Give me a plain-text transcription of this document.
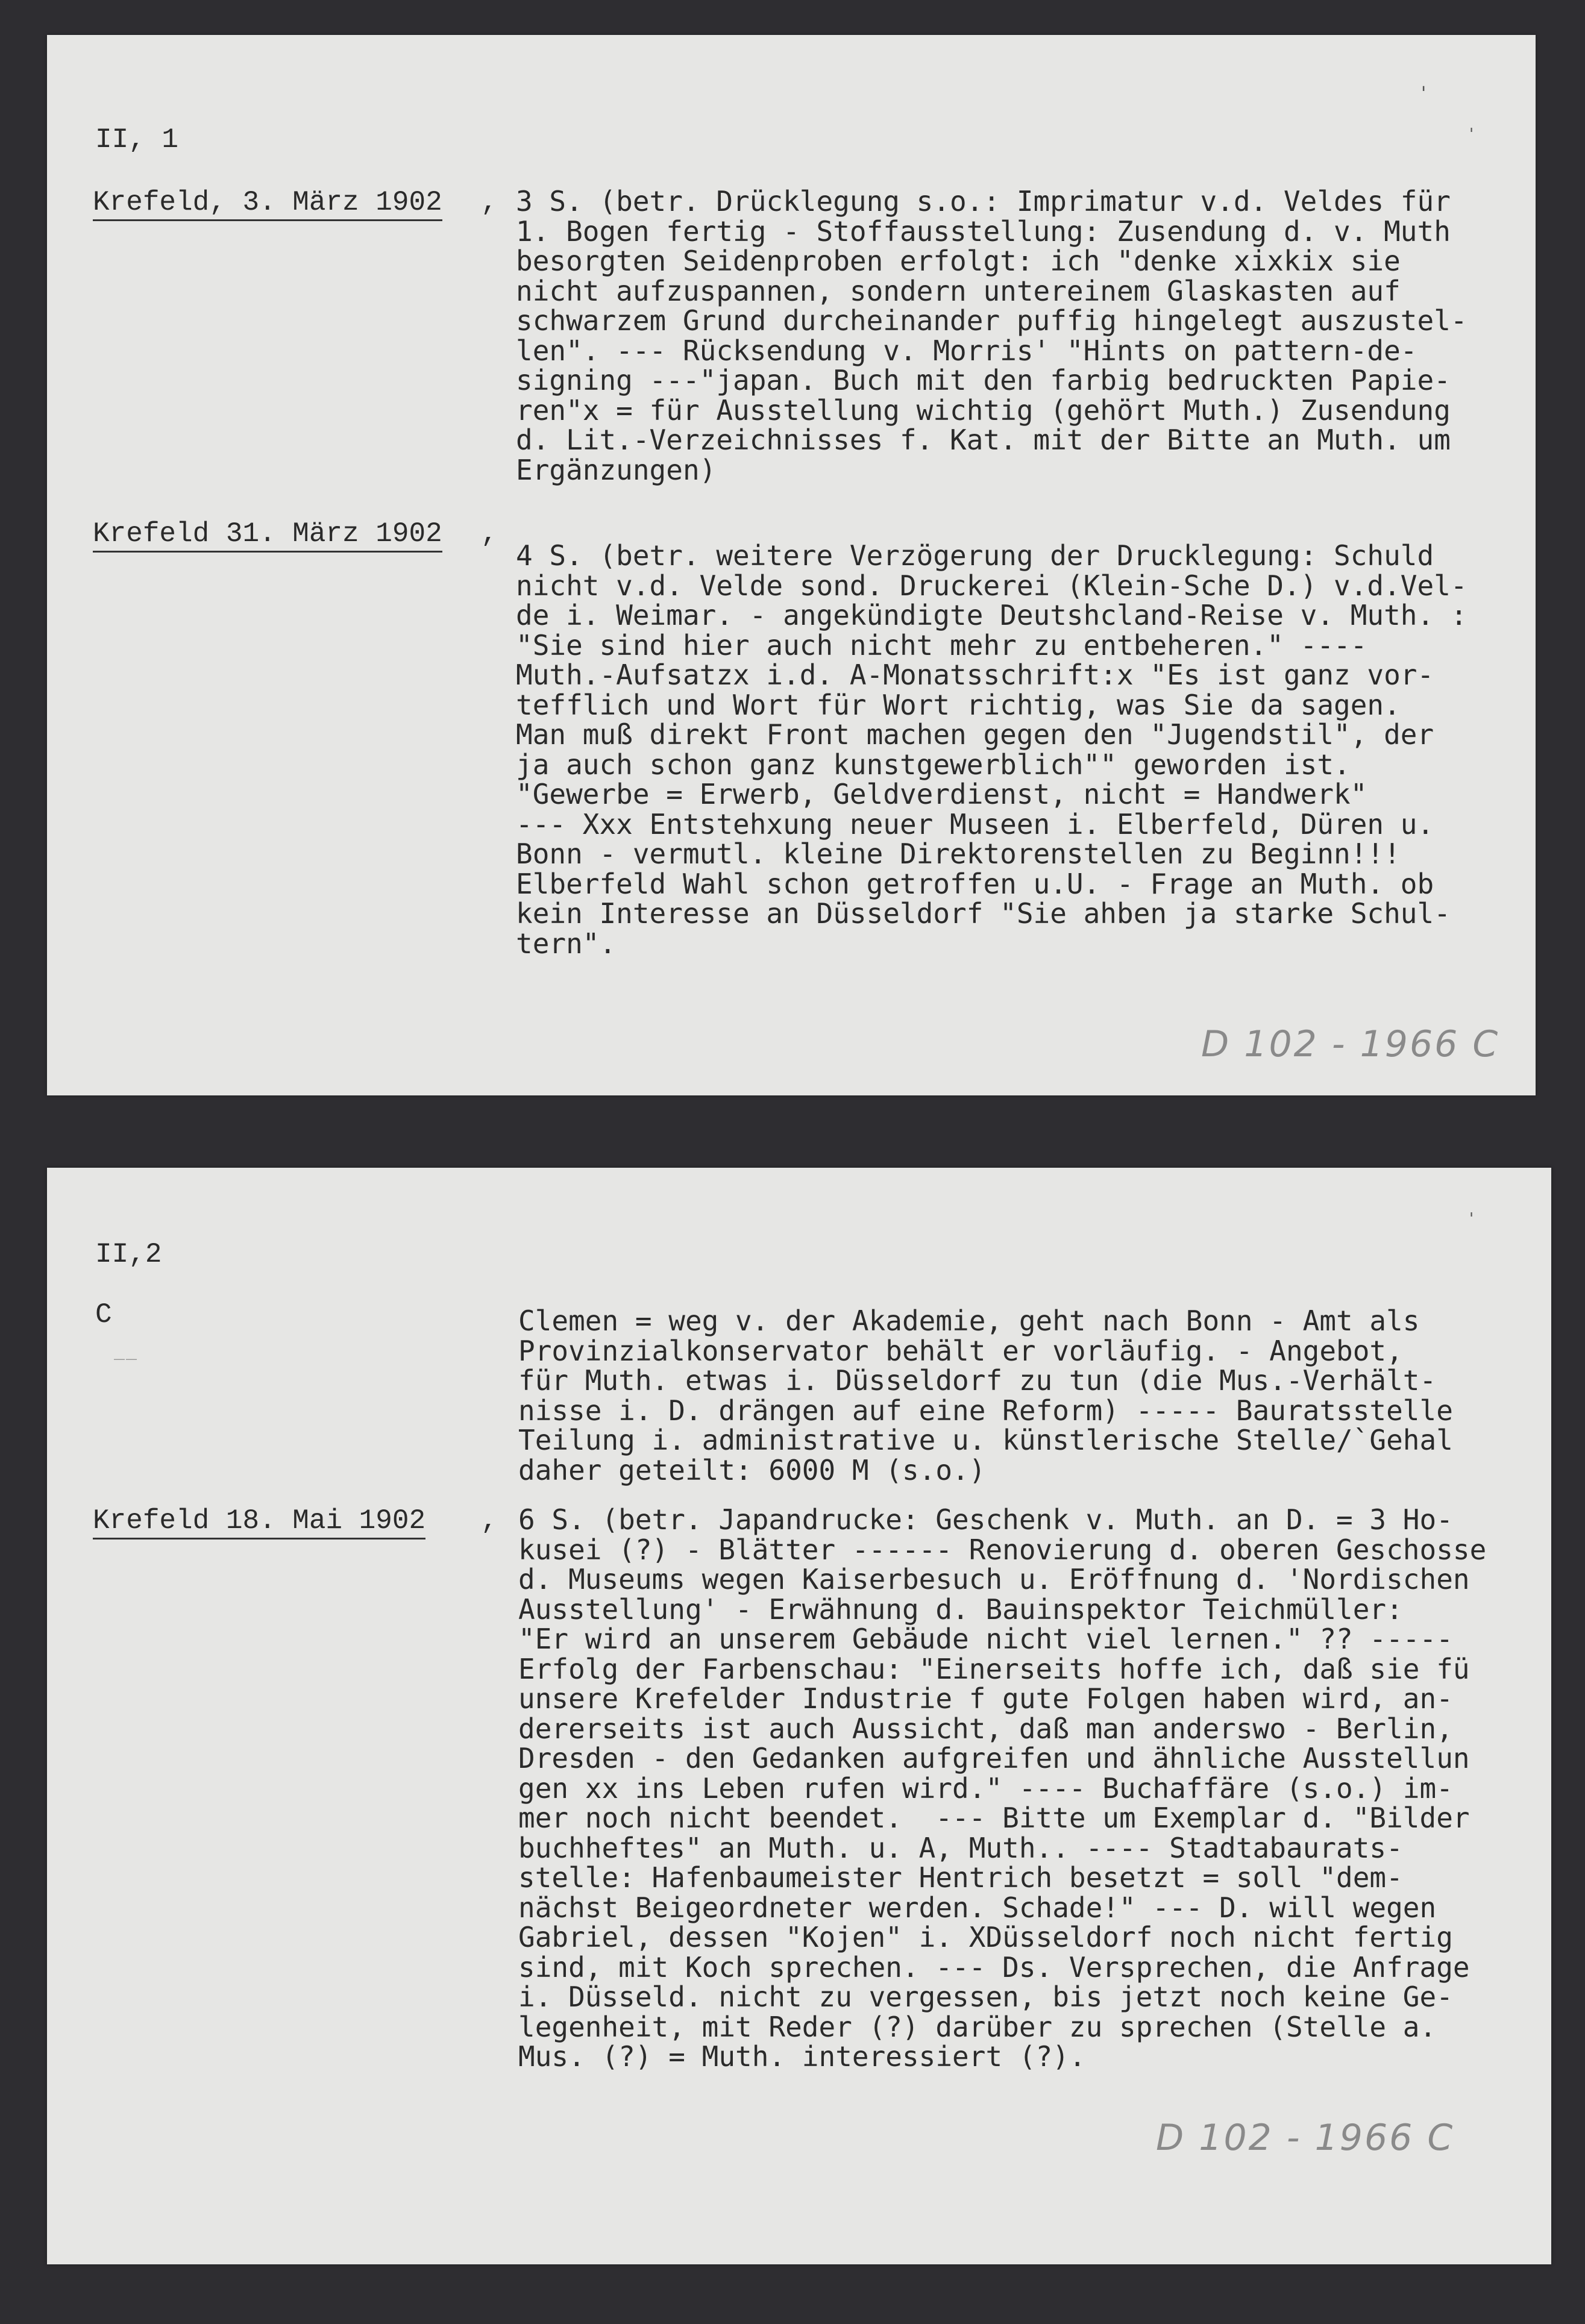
II, 1
Krefeld, 3. März 1902 , 3 S. (betr. Drücklegung s.o.: Imprimatur v.d. Veldes für
1. Bogen fertig - Stoffausstellung: Zusendung d. v. Muth
besorgten Seidenproben erfolgt: ich "denke xixkix sie
nicht aufzuspannen, sondern untereinem Glaskasten auf
schwarzem Grund durcheinander puffig hingelegt auszustel-
len". --- Rücksendung v. Morris' "Hints on pattern-de-
signing ---"japan. Buch mit den farbig bedruckten Papie-
ren"x = für Ausstellung wichtig (gehört Muth.) Zusendung
d. Lit.-Verzeichnisses f. Kat. mit der Bitte an Muth. um
Ergänzungen)
Krefeld 31. März 1902 ,
4 S. (betr. weitere Verzögerung der Drucklegung: Schuld
nicht v.d. Velde sond. Druckerei (Klein-Sche D.) v.d.Vel-
de i. Weimar. - angekündigte Deutshcland-Reise v. Muth. :
"Sie sind hier auch nicht mehr zu entbeheren." ----
Muth.-Aufsatzx i.d. A-Monatsschrift:x "Es ist ganz vor-
tefflich und Wort für Wort richtig, was Sie da sagen.
Man muß direkt Front machen gegen den "Jugendstil", der
ja auch schon ganz kunstgewerblich"" geworden ist.
"Gewerbe = Erwerb, Geldverdienst, nicht = Handwerk"
--- Xxx Entstehxung neuer Museen i. Elberfeld, Düren u.
Bonn - vermutl. kleine Direktorenstellen zu Beginn!!!
Elberfeld Wahl schon getroffen u.U. - Frage an Muth. ob
kein Interesse an Düsseldorf "Sie ahben ja starke Schul-
tern".
D 102 - 1966 C
'
'
II,2
C
——
Clemen = weg v. der Akademie, geht nach Bonn - Amt als
Provinzialkonservator behält er vorläufig. - Angebot,
für Muth. etwas i. Düsseldorf zu tun (die Mus.-Verhält-
nisse i. D. drängen auf eine Reform) ----- Bauratsstelle
Teilung i. administrative u. künstlerische Stelle/`Gehal
daher geteilt: 6000 M (s.o.)
Krefeld 18. Mai 1902 , 6 S. (betr. Japandrucke: Geschenk v. Muth. an D. = 3 Ho-
kusei (?) - Blätter ------ Renovierung d. oberen Geschosse
d. Museums wegen Kaiserbesuch u. Eröffnung d. 'Nordischen
Ausstellung' - Erwähnung d. Bauinspektor Teichmüller:
"Er wird an unserem Gebäude nicht viel lernen." ?? -----
Erfolg der Farbenschau: "Einerseits hoffe ich, daß sie fü
unsere Krefelder Industrie f gute Folgen haben wird, an-
dererseits ist auch Aussicht, daß man anderswo - Berlin,
Dresden - den Gedanken aufgreifen und ähnliche Ausstellun
gen xx ins Leben rufen wird." ---- Buchaffäre (s.o.) im-
mer noch nicht beendet.  --- Bitte um Exemplar d. "Bilder
buchheftes" an Muth. u. A, Muth.. ---- Stadtabaurats-
stelle: Hafenbaumeister Hentrich besetzt = soll "dem-
nächst Beigeordneter werden. Schade!" --- D. will wegen
Gabriel, dessen "Kojen" i. XDüsseldorf noch nicht fertig
sind, mit Koch sprechen. --- Ds. Versprechen, die Anfrage
i. Düsseld. nicht zu vergessen, bis jetzt noch keine Ge-
legenheit, mit Reder (?) darüber zu sprechen (Stelle a.
Mus. (?) = Muth. interessiert (?).
D 102 - 1966 C
'
